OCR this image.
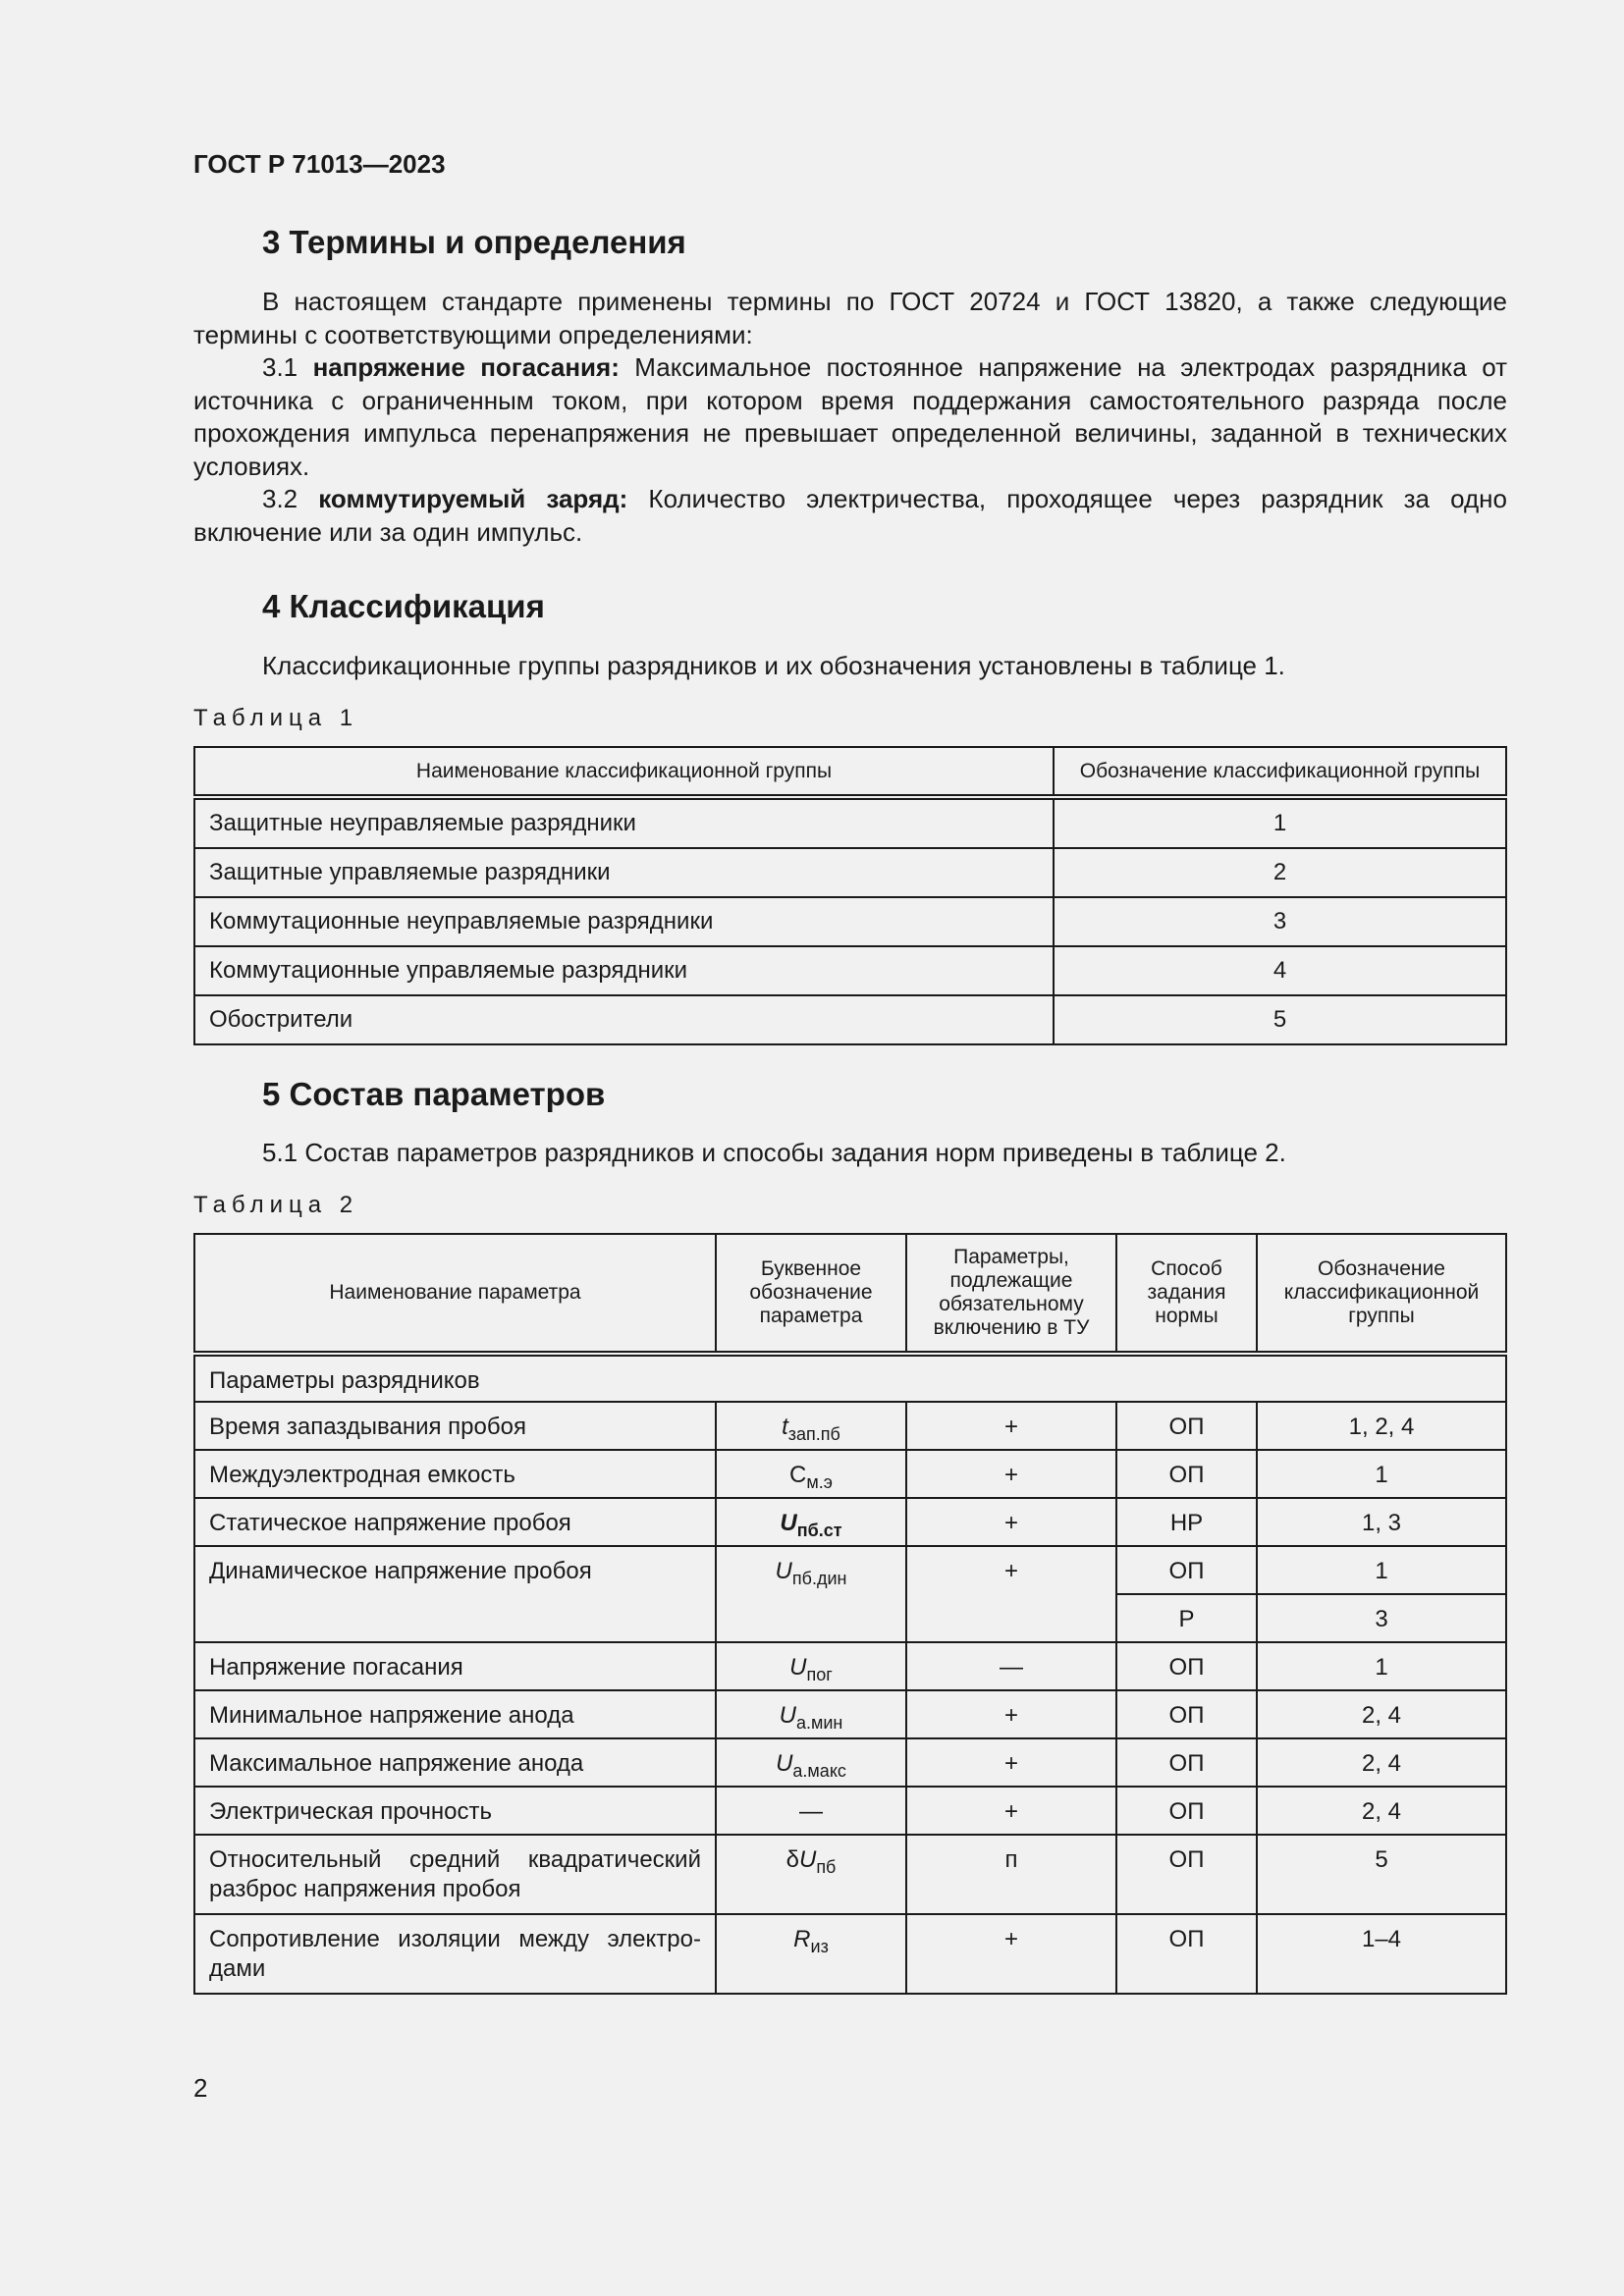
ГОСТ Р 71013—2023
3 Термины и определения

В настоящем стандарте применены термины по ГОСТ 20724 и ГОСТ 13820, а также следующие термины с соответствующими определениями:

3.1 напряжение погасания: Максимальное постоянное напряжение на электродах разрядника от источника с ограниченным током, при котором время поддержания самостоятельного разряда после прохождения импульса перенапряжения не превышает определенной величины, заданной в технических условиях.

3.2 коммутируемый заряд: Количество электричества, проходящее через разрядник за одно включение или за один импульс.

4 Классификация

Классификационные группы разрядников и их обозначения установлены в таблице 1.

Таблица 1
Наименование классификационной группы	Обозначение классификационной группы
Защитные неуправляемые разрядники	1
Защитные управляемые разрядники	2
Коммутационные неуправляемые разрядники	3
Коммутационные управляемые разрядники	4
Обострители	5
5 Состав параметров

5.1 Состав параметров разрядников и способы задания норм приведены в таблице 2.

Таблица 2
Наименование параметра	Буквенное обозначение параметра	Параметры, подлежащие обязательному включению в ТУ	Способ задания нормы	Обозначение классификационной группы
Параметры разрядников				
Время запаздывания пробоя	$t_{зап.пб}$	+	ОП	1, 2, 4
Междуэлектродная емкость	$С_{м.э}$	+	ОП	1
Статическое напряжение пробоя	$U_{пб.ст}$	+	НР	1, 3
Динамическое напряжение пробоя	$U_{пб.дин}$	+	ОП	1
			Р	3
Напряжение погасания	$U_{пог}$	—	ОП	1
Минимальное напряжение анода	$U_{а.мин}$	+	ОП	2, 4
Максимальное напряжение анода	$U_{а.макс}$	+	ОП	2, 4
Электрическая прочность	—	+	ОП	2, 4
Относительный средний квадратический разброс напряжения пробоя	$\delta U_{пб}$	п	ОП	5
Сопротивление изоляции между электродами	$R_{из}$	+	ОП	1–4
2
